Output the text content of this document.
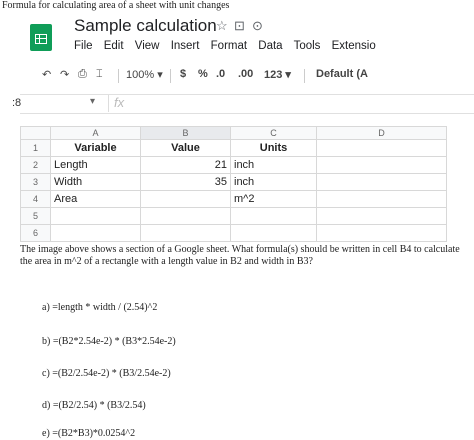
Formula for calculating area of a sheet with unit changes
Sample calculation ☆ ⊡ ⊙
File Edit View Insert Format Data Tools Extensio
↶ ↷ ⎙ ⌶ 100% ▾ $ % .0 .00 123 ▾ Default (A
:8	▾ fx
	A	B	C	D
1	Variable	Value	Units	
2	Length	21	inch	
3	Width	35	inch	
4	Area		m^2	
5				
6				
The image above shows a section of a Google sheet. What formula(s) should be written in cell B4 to calculate the area in m^2 of a rectangle with a length value in B2 and width in B3?
a) =length * width / (2.54)^2
b) =(B2*2.54e-2) * (B3*2.54e-2)
c) =(B2/2.54e-2) * (B3/2.54e-2)
d) =(B2/2.54) * (B3/2.54)
e) =(B2*B3)*0.0254^2
